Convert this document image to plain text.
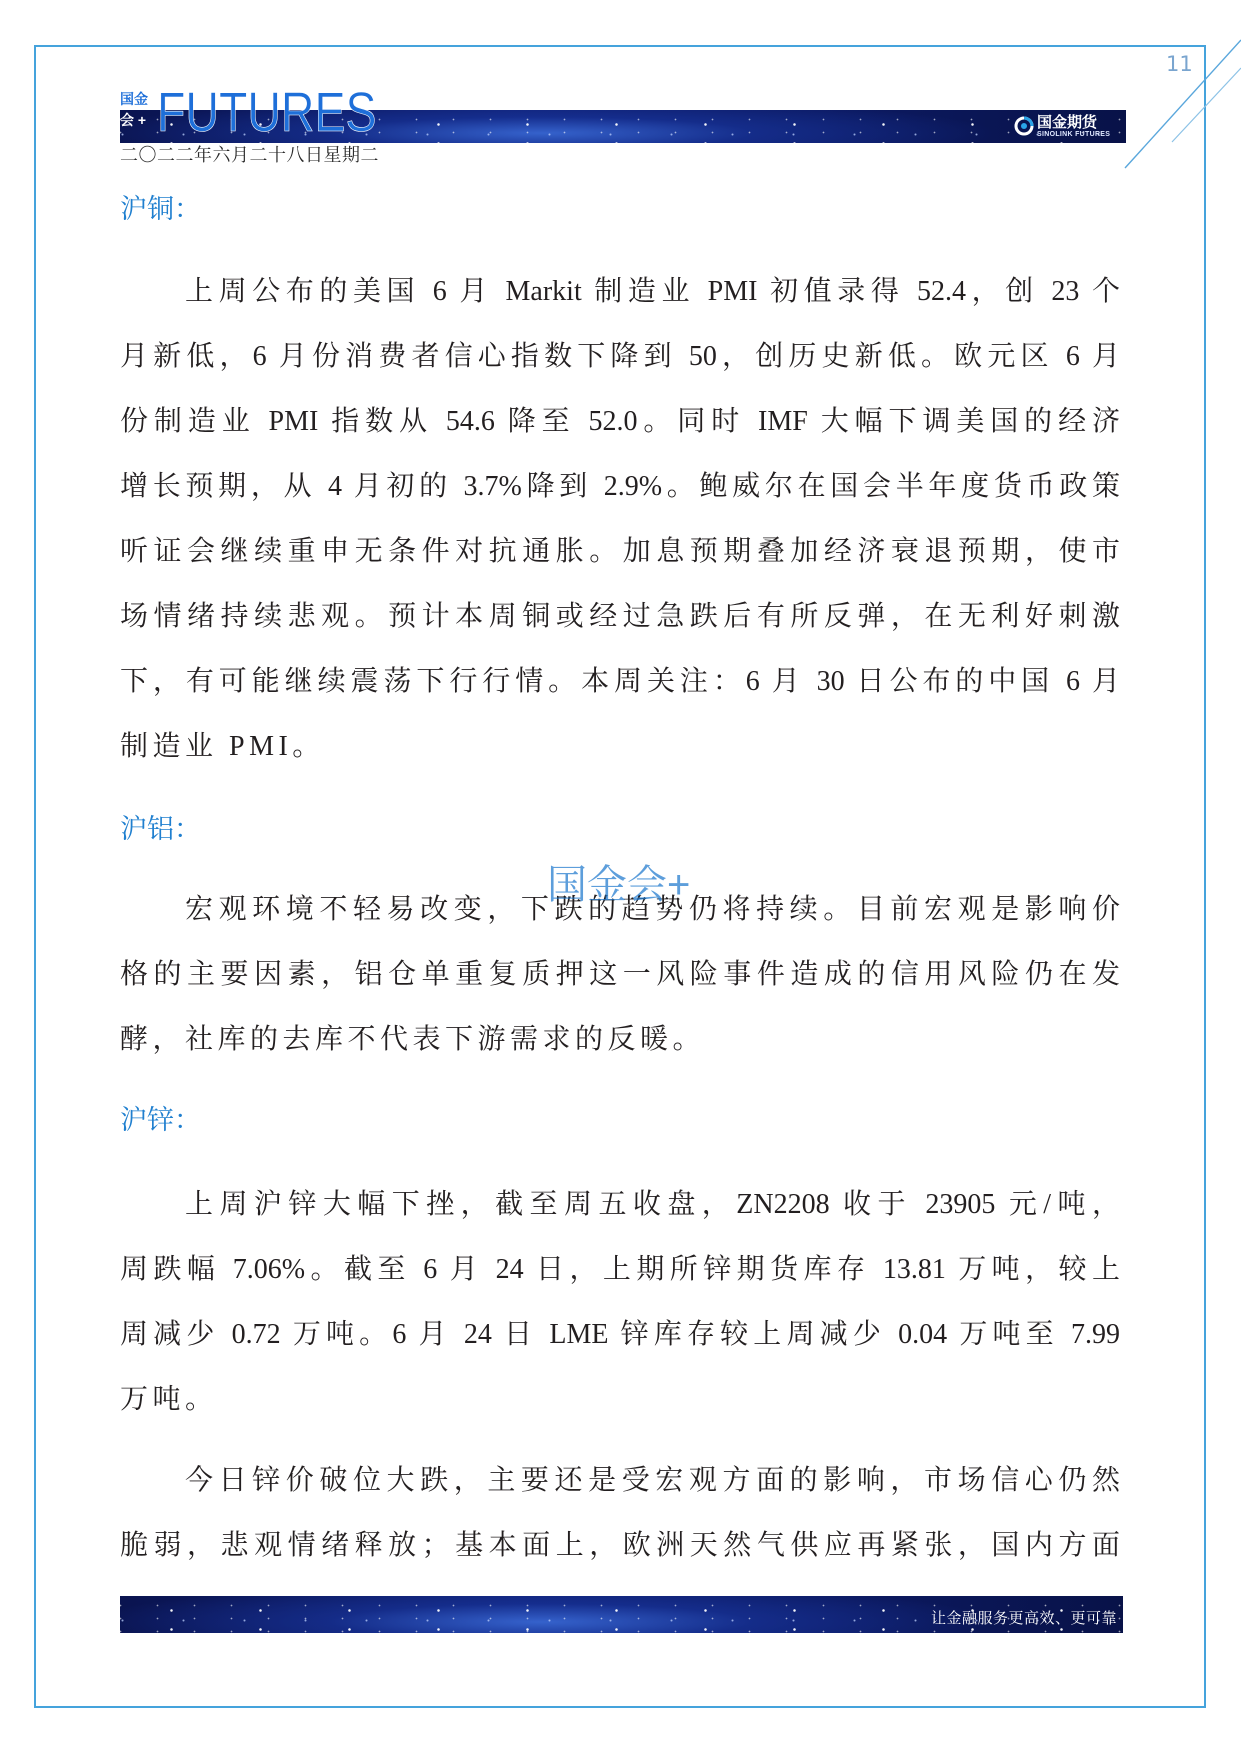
11
国金期货
SINOLINK FUTURES
国金
会 + FUTURES
二〇二二年六月二十八日星期二
沪铜：
上周公布的美国 6 月 Markit 制造业 PMI 初值录得 52.4，创 23 个
月新低，6 月份消费者信心指数下降到 50，创历史新低。欧元区 6 月
份制造业 PMI 指数从 54.6 降至 52.0。同时 IMF 大幅下调美国的经济
增长预期，从 4 月初的 3.7%降到 2.9%。鲍威尔在国会半年度货币政策
听证会继续重申无条件对抗通胀。加息预期叠加经济衰退预期，使市
场情绪持续悲观。预计本周铜或经过急跌后有所反弹，在无利好刺激
下，有可能继续震荡下行行情。本周关注：6 月 30 日公布的中国 6 月
制造业 PMI。
沪铝：
宏观环境不轻易改变，下跌的趋势仍将持续。目前宏观是影响价
格的主要因素，铝仓单重复质押这一风险事件造成的信用风险仍在发
酵，社库的去库不代表下游需求的反暖。
国金会+
沪锌：
上周沪锌大幅下挫，截至周五收盘，ZN2208 收于 23905 元/吨，
周跌幅 7.06%。截至 6 月 24 日，上期所锌期货库存 13.81 万吨，较上
周减少 0.72 万吨。6 月 24 日 LME 锌库存较上周减少 0.04 万吨至 7.99
万吨。
今日锌价破位大跌，主要还是受宏观方面的影响，市场信心仍然
脆弱，悲观情绪释放；基本面上，欧洲天然气供应再紧张，国内方面
让金融服务更高效、更可靠
